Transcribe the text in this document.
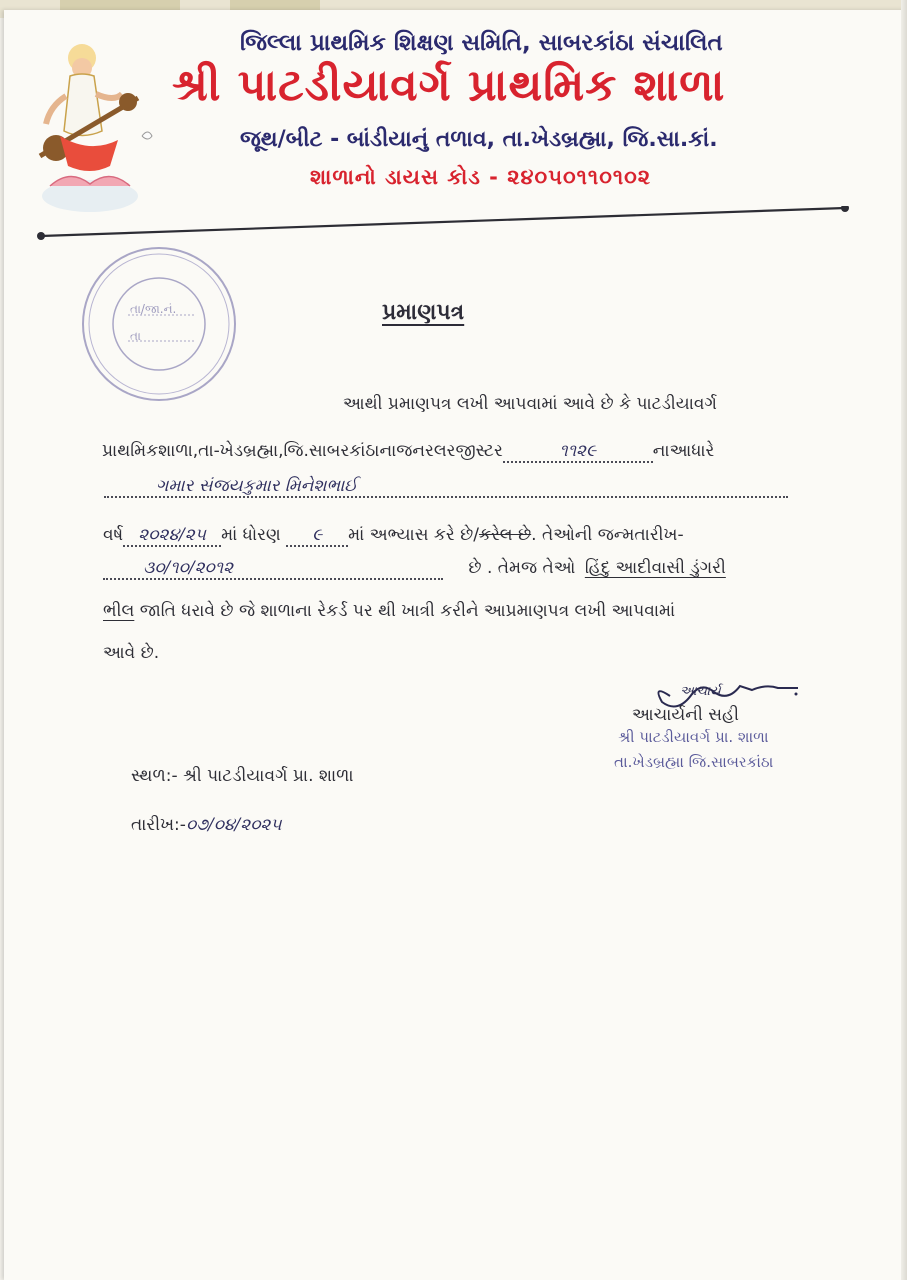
જિલ્લા પ્રાથમિક શિક્ષણ સમિતિ, સાબરકાંઠા સંચાલિત
શ્રી પાટડીયાવર્ગ પ્રાથમિક શાળા
જૂથ/બીટ - બાંડીયાનું તળાવ, તા.ખેડબ્રહ્મા, જિ.સા.કાં.
શાળાનો ડાયસ કોડ - ૨૪૦૫૦૧૧૦૧૦૨
તા/જા.નં.
તા
પ્રમાણપત્ર
આથી પ્રમાણપત્ર લખી આપવામાં આવે છે કે પાટડીયાવર્ગ
પ્રાથમિકશાળા,તા-ખેડબ્રહ્મા,જિ.સાબરકાંઠાનાજનરલરજીસ્ટર	૧૧૨૯	નાઆધારે
ગમાર સંજયકુમાર મિનેશભાઈ
વર્ષ ૨૦૨૪/૨૫ માં ધોરણ ૯ માં અભ્યાસ કરે છે/કરેલ છે. તેઓની જન્મતારીખ-
૩૦/૧૦/૨૦૧૨	છે . તેમજ તેઓ હિંદુ આદીવાસી ડુંગરી
ભીલ જાતિ ધરાવે છે જે શાળાના રેકર્ડ પર થી ખાત્રી કરીને આપ્રમાણપત્ર લખી આપવામાં
આવે છે.
આચાર્ય
આચાર્યની સહી
શ્રી પાટડીયાવર્ગ પ્રા. શાળા
તા.ખેડબ્રહ્મા જિ.સાબરકાંઠા
સ્થળ:- શ્રી પાટડીયાવર્ગ પ્રા. શાળા
તારીખ:-૦૭/૦૪/૨૦૨૫
